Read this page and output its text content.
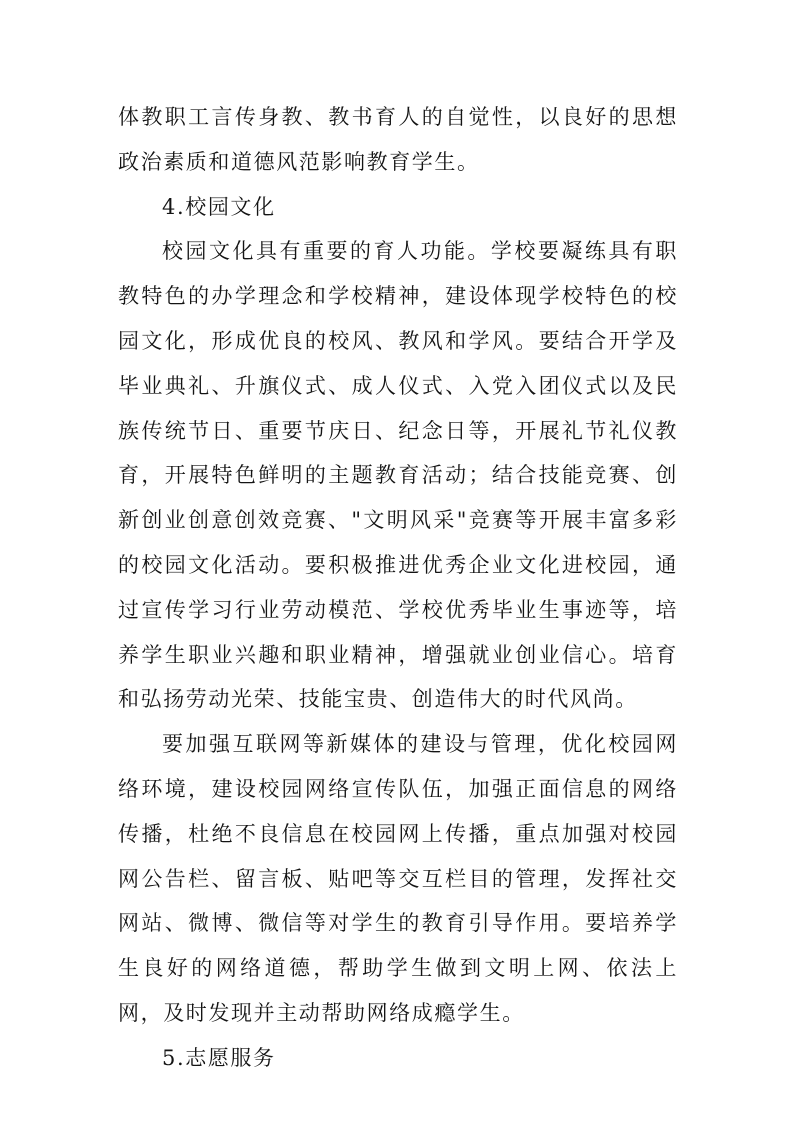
体教职工言传身教、教书育人的自觉性，以良好的思想政治素质和道德风范影响教育学生。

4.校园文化

校园文化具有重要的育人功能。学校要凝练具有职教特色的办学理念和学校精神，建设体现学校特色的校园文化，形成优良的校风、教风和学风。要结合开学及毕业典礼、升旗仪式、成人仪式、入党入团仪式以及民族传统节日、重要节庆日、纪念日等，开展礼节礼仪教育，开展特色鲜明的主题教育活动；结合技能竞赛、创新创业创意创效竞赛、"文明风采"竞赛等开展丰富多彩的校园文化活动。要积极推进优秀企业文化进校园，通过宣传学习行业劳动模范、学校优秀毕业生事迹等，培养学生职业兴趣和职业精神，增强就业创业信心。培育和弘扬劳动光荣、技能宝贵、创造伟大的时代风尚。

要加强互联网等新媒体的建设与管理，优化校园网络环境，建设校园网络宣传队伍，加强正面信息的网络传播，杜绝不良信息在校园网上传播，重点加强对校园网公告栏、留言板、贴吧等交互栏目的管理，发挥社交网站、微博、微信等对学生的教育引导作用。要培养学生良好的网络道德，帮助学生做到文明上网、依法上网，及时发现并主动帮助网络成瘾学生。

5.志愿服务
